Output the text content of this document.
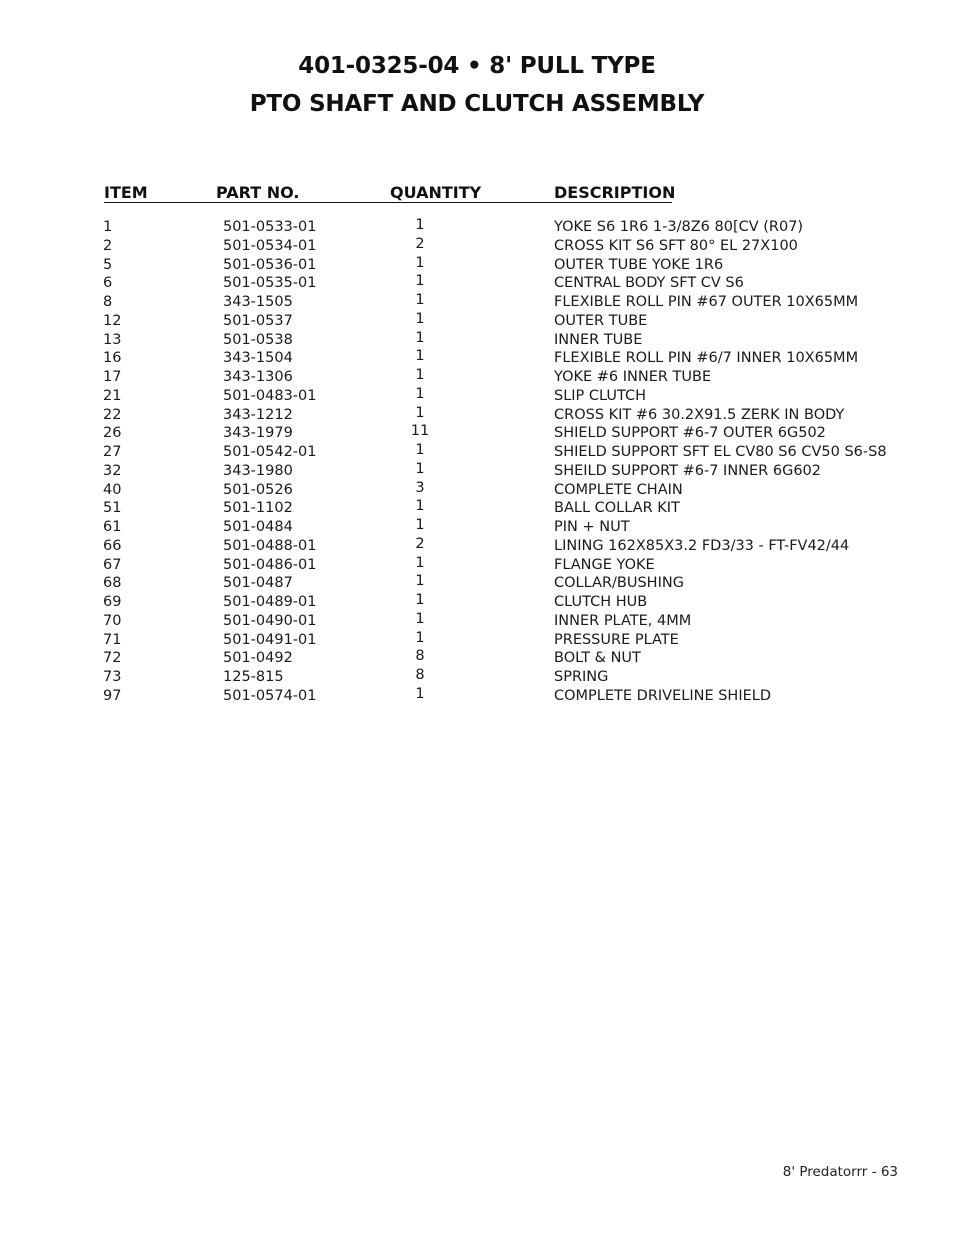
401-0325-04 • 8' PULL TYPE
PTO SHAFT AND CLUTCH ASSEMBLY
ITEM	PART NO.	QUANTITY	DESCRIPTION
1	501-0533-01	1	YOKE S6 1R6 1-3/8Z6 80[CV (R07)
2	501-0534-01	2	CROSS KIT S6 SFT 80° EL 27X100
5	501-0536-01	1	OUTER TUBE YOKE 1R6
6	501-0535-01	1	CENTRAL BODY SFT CV S6
8	343-1505	1	FLEXIBLE ROLL PIN #67 OUTER 10X65MM
12	501-0537	1	OUTER TUBE
13	501-0538	1	INNER TUBE
16	343-1504	1	FLEXIBLE ROLL PIN #6/7 INNER 10X65MM
17	343-1306	1	YOKE #6 INNER TUBE
21	501-0483-01	1	SLIP CLUTCH
22	343-1212	1	CROSS KIT #6 30.2X91.5 ZERK IN BODY
26	343-1979	11	SHIELD SUPPORT #6-7 OUTER 6G502
27	501-0542-01	1	SHIELD SUPPORT SFT EL CV80 S6 CV50 S6-S8
32	343-1980	1	SHEILD SUPPORT #6-7 INNER 6G602
40	501-0526	3	COMPLETE CHAIN
51	501-1102	1	BALL COLLAR KIT
61	501-0484	1	PIN + NUT
66	501-0488-01	2	LINING 162X85X3.2 FD3/33 - FT-FV42/44
67	501-0486-01	1	FLANGE YOKE
68	501-0487	1	COLLAR/BUSHING
69	501-0489-01	1	CLUTCH HUB
70	501-0490-01	1	INNER PLATE, 4MM
71	501-0491-01	1	PRESSURE PLATE
72	501-0492	8	BOLT & NUT
73	125-815	8	SPRING
97	501-0574-01	1	COMPLETE DRIVELINE SHIELD
8' Predatorrr - 63
